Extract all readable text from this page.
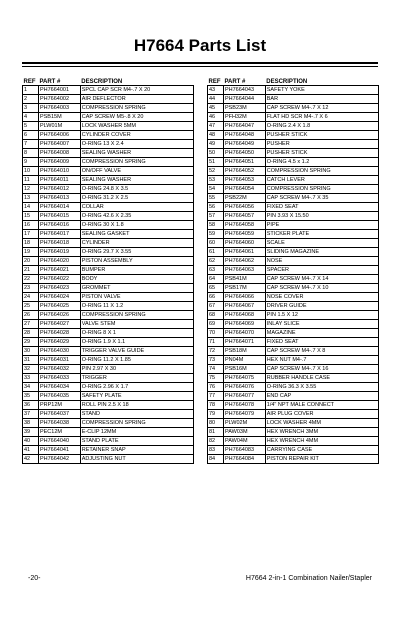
H7664 Parts List
REF	PART #	DESCRIPTION
1	PH7664001	SPCL CAP SCR M4-.7 X 20
2	PH7664002	AIR DEFLECTOR
3	PH7664003	COMPRESSION SPRING
4	PSB15M	CAP SCREW M5-.8 X 20
5	PLW01M	LOCK WASHER 5MM
6	PH7664006	CYLINDER COVER
7	PH7664007	O-RING 13 X 2.4
8	PH7664008	SEALING WASHER
9	PH7664009	COMPRESSION SPRING
10	PH7664010	ON/OFF VALVE
11	PH7664011	SEALING WASHER
12	PH7664012	O-RING 24.8 X 3.5
13	PH7664013	O-RING 31.2 X 2.5
14	PH7664014	COLLAR
15	PH7664015	O-RING 42.6 X 2.35
16	PH7664016	O-RING 30 X 1.8
17	PH7664017	SEALING GASKET
18	PH7664018	CYLINDER
19	PH7664019	O-RING 29.7 X 3.55
20	PH7664020	PISTON ASSEMBLY
21	PH7664021	BUMPER
22	PH7664022	BODY
23	PH7664023	GROMMET
24	PH7664024	PISTON VALVE
25	PH7664025	O-RING 11 X 1.2
26	PH7664026	COMPRESSION SPRING
27	PH7664027	VALVE STEM
28	PH7664028	O-RING 8 X 1
29	PH7664029	O-RING 1.9 X 1.1
30	PH7664030	TRIGGER VALVE GUIDE
31	PH7664031	O-RING 11.2 X 1.85
32	PH7664032	PIN 2.97 X 30
33	PH7664033	TRIGGER
34	PH7664034	O-RING 2.96 X 1.7
35	PH7664035	SAFETY PLATE
36	PRP12M	ROLL PIN 2.5 X 18
37	PH7664037	STAND
38	PH7664038	COMPRESSION SPRING
39	PEC12M	E-CLIP 12MM
40	PH7664040	STAND PLATE
41	PH7664041	RETAINER SNAP
42	PH7664042	ADJUSTING NUT
REF	PART #	DESCRIPTION
43	PH7664043	SAFETY YOKE
44	PH7664044	BAR
45	PSB23M	CAP SCREW M4-.7 X 12
46	PFH32M	FLAT HD SCR M4-.7 X 6
47	PH7664047	O-RING 2.4 X 1.8
48	PH7664048	PUSHER STICK
49	PH7664049	PUSHER
50	PH7664050	PUSHER STICK
51	PH7664051	O-RING 4.5 x 1.2
52	PH7664052	COMPRESSION SPRING
53	PH7664053	CATCH LEVER
54	PH7664054	COMPRESSION SPRING
55	PSB22M	CAP SCREW M4-.7 X 35
56	PH7664056	FIXED SEAT
57	PH7664057	PIN 3.93 X 15.50
58	PH7664058	PIPE
59	PH7664059	STICKER PLATE
60	PH7664060	SCALE
61	PH7664061	SLIDING MAGAZINE
62	PH7664062	NOSE
63	PH7664063	SPACER
64	PSB41M	CAP SCREW M4-.7 X 14
65	PSB17M	CAP SCREW M4-.7 X 10
66	PH7664066	NOSE COVER
67	PH7664067	DRIVER GUIDE
68	PH7664068	PIN 1.5 X 12
69	PH7664069	INLAY SLICE
70	PH7664070	MAGAZINE
71	PH7664071	FIXED SEAT
72	PSB18M	CAP SCREW M4-.7 X 8
73	PN04M	HEX NUT M4-.7
74	PSB16M	CAP SCREW M4-.7 X 16
75	PH7664075	RUBBER HANDLE CASE
76	PH7664076	O-RING 36.3 X 3.55
77	PH7664077	END CAP
78	PH7664078	1/4" NPT MALE CONNECT
79	PH7664079	AIR PLUG COVER
80	PLW02M	LOCK WASHER 4MM
81	PAW03M	HEX WRENCH 3MM
82	PAW04M	HEX WRENCH 4MM
83	PH7664083	CARRYING CASE
84	PH7664084	PISTON REPAIR KIT
-20-	H7664 2-in-1 Combination Nailer/Stapler
